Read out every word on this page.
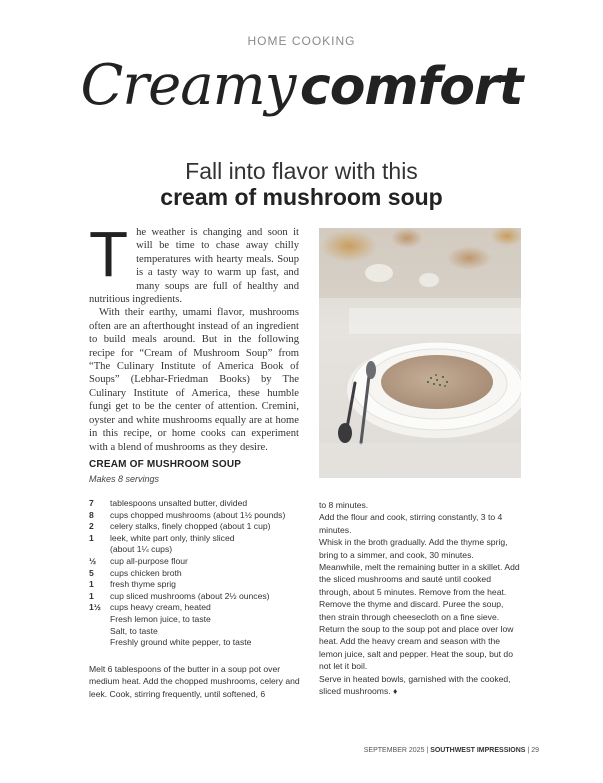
HOME COOKING
Creamy comfort
Fall into flavor with this
cream of mushroom soup

The weather is changing and soon it will be time to chase away chilly temperatures with hearty meals. Soup is a tasty way to warm up fast, and many soups are full of healthy and nutritious ingredients.

With their earthy, umami flavor, mushrooms often are an afterthought instead of an ingredient to build meals around. But in the following recipe for “Cream of Mushroom Soup” from “The Culinary Institute of America Book of Soups” (Lebhar-Friedman Books) by The Culinary Institute of America, these humble fungi get to be the center of attention. Cremini, oyster and white mushrooms equally are at home in this recipe, or home cooks can experiment with a blend of mushrooms as they desire.

CREAM OF MUSHROOM SOUP
Makes 8 servings
7	tablespoons unsalted butter, divided
8	cups chopped mushrooms (about 1½ pounds)
2	celery stalks, finely chopped (about 1 cup)
1	leek, white part only, thinly sliced
(about 1¼ cups)
½	cup all-purpose flour
5	cups chicken broth
1	fresh thyme sprig
1	cup sliced mushrooms (about 2½ ounces)
1½	cups heavy cream, heated
Fresh lemon juice, to taste
Salt, to taste
Freshly ground white pepper, to taste

Melt 6 tablespoons of the butter in a soup pot over medium heat. Add the chopped mushrooms, celery and leek. Cook, stirring frequently, until softened, 6

to 8 minutes.

Add the flour and cook, stirring constantly, 3 to 4 minutes.

Whisk in the broth gradually. Add the thyme sprig, bring to a simmer, and cook, 30 minutes.

Meanwhile, melt the remaining butter in a skillet. Add the sliced mushrooms and sauté until cooked through, about 5 minutes. Remove from the heat.

Remove the thyme and discard. Puree the soup, then strain through cheesecloth on a fine sieve.

Return the soup to the soup pot and place over low heat. Add the heavy cream and season with the lemon juice, salt and pepper. Heat the soup, but do not let it boil.

Serve in heated bowls, garnished with the cooked, sliced mushrooms. ♦

SEPTEMBER 2025 | SOUTHWEST IMPRESSIONS | 29
